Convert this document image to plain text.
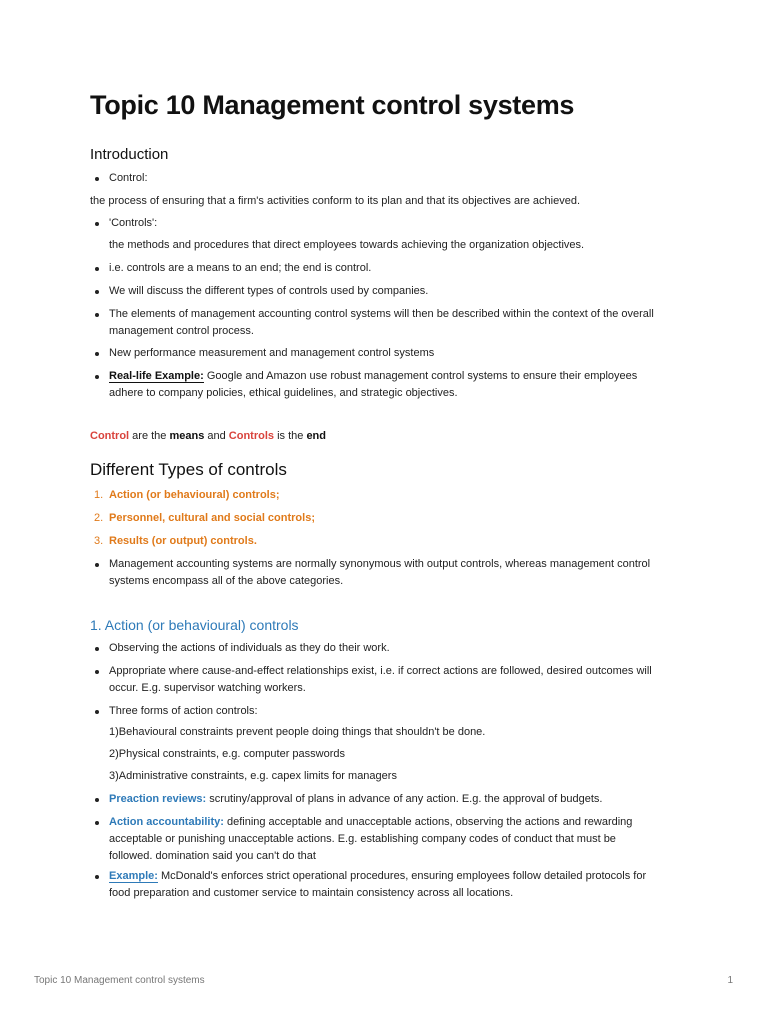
Topic 10 Management control systems
Introduction
Control:

the process of ensuring that a firm's activities conform to its plan and that its objectives are achieved.

'Controls':

the methods and procedures that direct employees towards achieving the organization objectives.

i.e. controls are a means to an end; the end is control.
We will discuss the different types of controls used by companies.
The elements of management accounting control systems will then be described within the context of the overall
management control process.
New performance measurement and management control systems
Real-life Example: Google and Amazon use robust management control systems to ensure their employees
adhere to company policies, ethical guidelines, and strategic objectives.

Control are the means and Controls is the end

Different Types of controls
1. Action (or behavioural) controls;
2. Personnel, cultural and social controls;
3. Results (or output) controls.
Management accounting systems are normally synonymous with output controls, whereas management control
systems encompass all of the above categories.
1. Action (or behavioural) controls
Observing the actions of individuals as they do their work.
Appropriate where cause-and-effect relationships exist, i.e. if correct actions are followed, desired outcomes will
occur. E.g. supervisor watching workers.
Three forms of action controls:

1)Behavioural constraints prevent people doing things that shouldn't be done.

2)Physical constraints, e.g. computer passwords

3)Administrative constraints, e.g. capex limits for managers

Preaction reviews: scrutiny/approval of plans in advance of any action. E.g. the approval of budgets.
Action accountability: defining acceptable and unacceptable actions, observing the actions and rewarding
acceptable or punishing unacceptable actions. E.g. establishing company codes of conduct that must be
followed. domination said you can't do that
Example: McDonald's enforces strict operational procedures, ensuring employees follow detailed protocols for
food preparation and customer service to maintain consistency across all locations.
Topic 10 Management control systems	1
